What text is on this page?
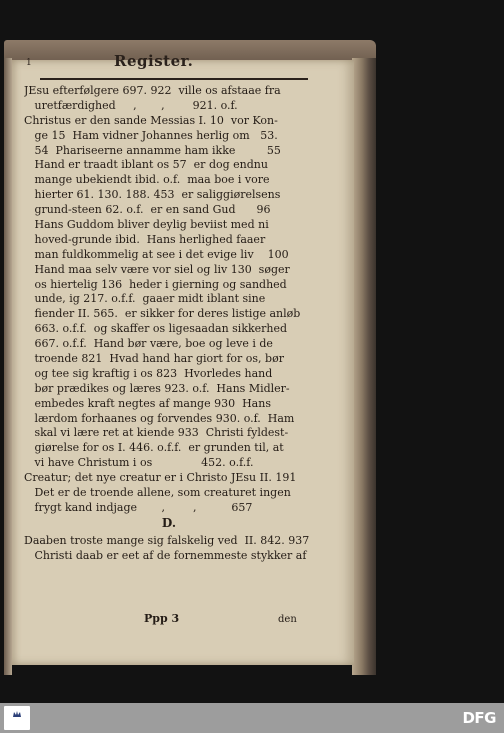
1	Register.
JEsu efterfølgere 697. 922  ville os afstaae fra
uretfærdighed     ,       ,        921. o.f.
Christus er den sande Messias I. 10  vor Kon-
ge 15  Ham vidner Johannes herlig om   53.
54  Phariseerne annamme ham ikke         55
Hand er traadt iblant os 57  er dog endnu
mange ubekiendt ibid. o.f.  maa boe i vore
hierter 61. 130. 188. 453  er saliggiørelsens
grund-steen 62. o.f.  er en sand Gud      96
Hans Guddom bliver deylig beviist med ni
hoved-grunde ibid.  Hans herlighed faaer
man fuldkommelig at see i det evige liv    100
Hand maa selv være vor siel og liv 130  søger
os hiertelig 136  heder i gierning og sandhed
unde, ig 217. o.f.f.  gaaer midt iblant sine
fiender II. 565.  er sikker for deres listige anløb
663. o.f.f.  og skaffer os ligesaadan sikkerhed
667. o.f.f.  Hand bør være, boe og leve i de
troende 821  Hvad hand har giort for os, bør
og tee sig kraftig i os 823  Hvorledes hand
bør prædikes og læres 923. o.f.  Hans Midler-
embedes kraft negtes af mange 930  Hans
lærdom forhaanes og forvendes 930. o.f.  Ham
skal vi lære ret at kiende 933  Christi fyldest-
giørelse for os I. 446. o.f.f.  er grunden til, at
vi have Christum i os              452. o.f.f.
Creatur; det nye creatur er i Christo JEsu II. 191
Det er de troende allene, som creaturet ingen
frygt kand indjage       ,        ,          657
D.
Daaben troste mange sig falskelig ved  II. 842. 937
Christi daab er eet af de fornemmeste stykker af
Ppp 3	den
DFG
